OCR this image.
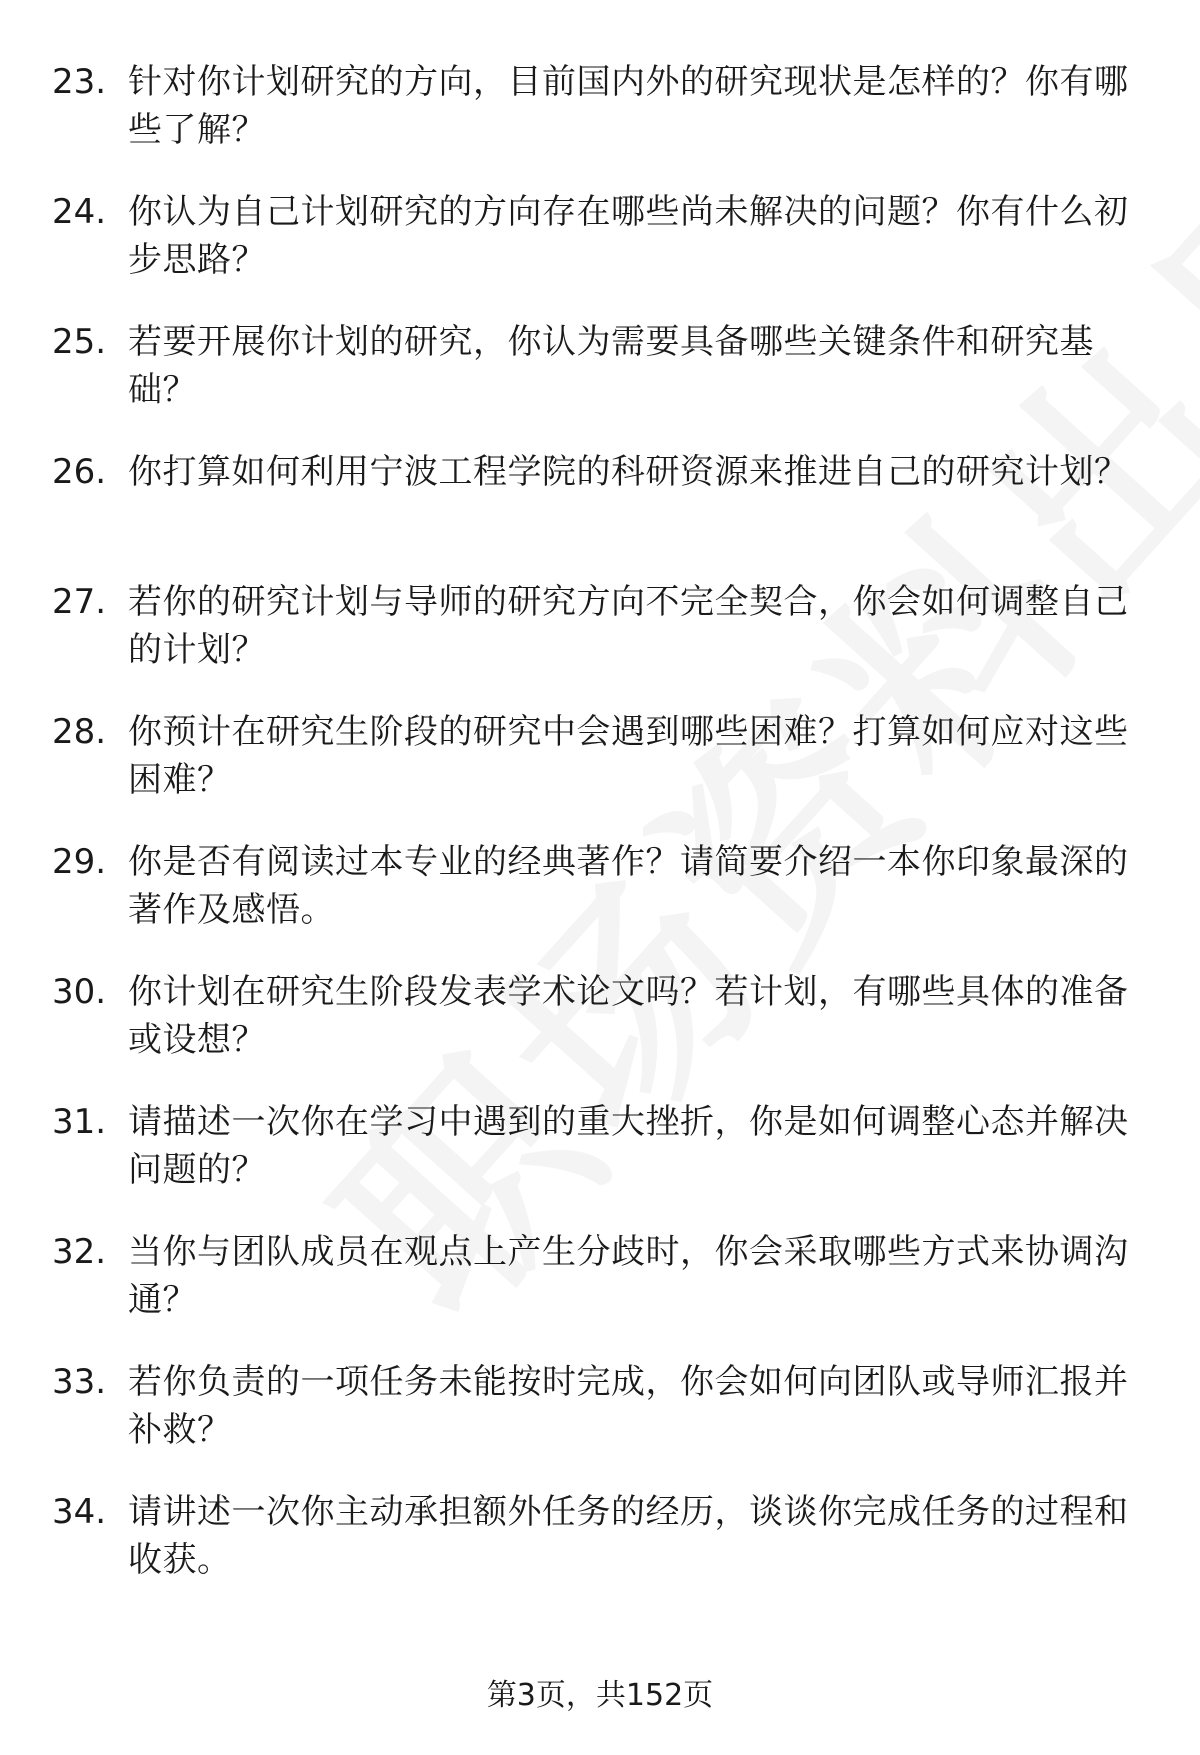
23. 针对你计划研究的方向，目前国内外的研究现状是怎样的？你有哪些了解？
24. 你认为自己计划研究的方向存在哪些尚未解决的问题？你有什么初步思路？
25. 若要开展你计划的研究，你认为需要具备哪些关键条件和研究基础？
26. 你打算如何利用宁波工程学院的科研资源来推进自己的研究计划？
27. 若你的研究计划与导师的研究方向不完全契合，你会如何调整自己的计划？
28. 你预计在研究生阶段的研究中会遇到哪些困难？打算如何应对这些困难？
29. 你是否有阅读过本专业的经典著作？请简要介绍一本你印象最深的著作及感悟。
30. 你计划在研究生阶段发表学术论文吗？若计划，有哪些具体的准备或设想？
31. 请描述一次你在学习中遇到的重大挫折，你是如何调整心态并解决问题的？
32. 当你与团队成员在观点上产生分歧时，你会采取哪些方式来协调沟通？
33. 若你负责的一项任务未能按时完成，你会如何向团队或导师汇报并补救？
34. 请讲述一次你主动承担额外任务的经历，谈谈你完成任务的过程和收获。
第3页，共152页
